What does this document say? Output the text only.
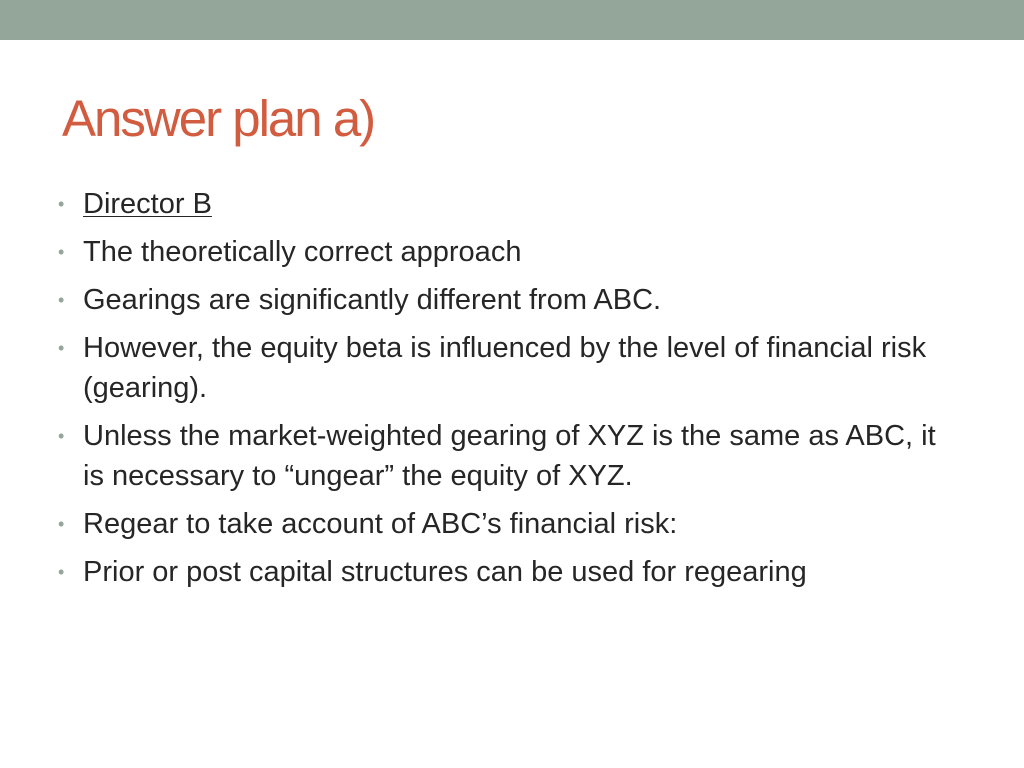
Answer plan a)
• Director B
• The theoretically correct approach
• Gearings are significantly different from ABC.
• However, the equity beta is influenced by the level of financial risk (gearing).
• Unless the market-weighted gearing of XYZ is the same as ABC, it is necessary to “ungear” the equity of XYZ.
• Regear to take account of ABC’s financial risk:
• Prior or post capital structures can be used for regearing
